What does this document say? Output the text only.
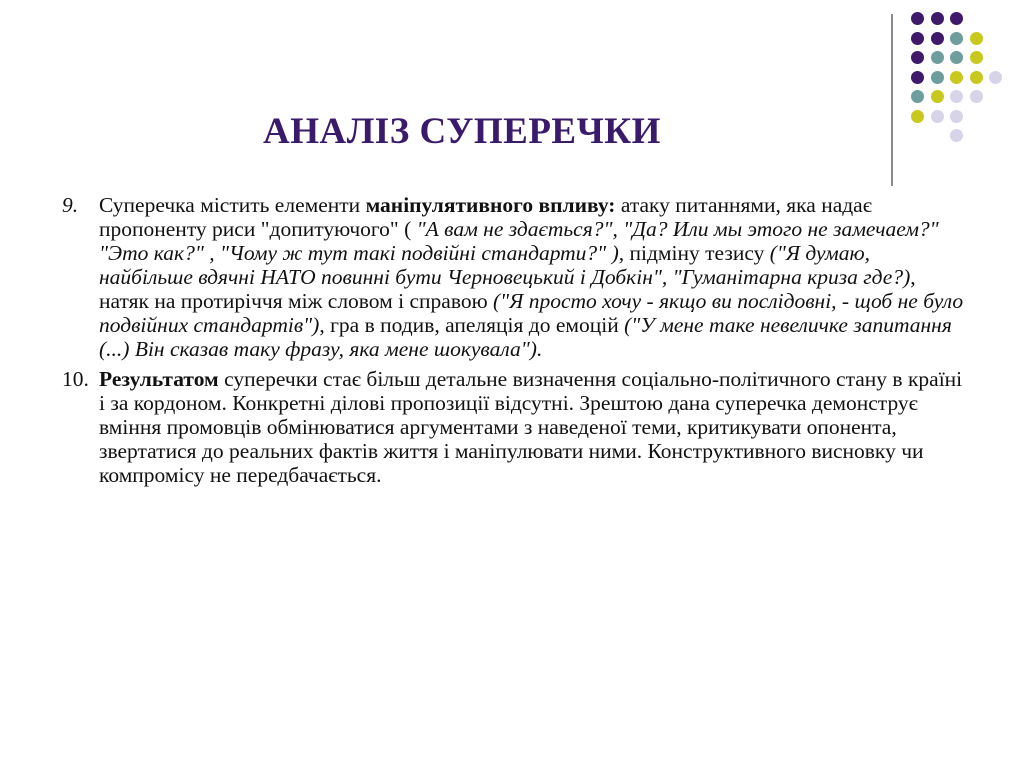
АНАЛІЗ СУПЕРЕЧКИ
9. Суперечка містить елементи маніпулятивного впливу: атаку питаннями, яка надає пропоненту риси "допитуючого" ( "А вам не здається?", "Да? Или мы этого не замечаем?" "Это как?" , "Чому ж тут такі подвійні стандарти?" ), підміну тезису ("Я думаю, найбільше вдячні НАТО повинні бути Черновецький і Добкін", "Гуманітарна криза где?), натяк на протиріччя між словом і справою ("Я просто хочу - якщо ви послідовні, - щоб не було подвійних стандартів"), гра в подив, апеляція до емоцій ("У мене таке невеличке запитання (...) Він сказав таку фразу, яка мене шокувала").
10. Результатом суперечки стає більш детальне визначення соціально-політичного стану в країні і за кордоном. Конкретні ділові пропозиції відсутні. Зрештою дана суперечка демонструє вміння промовців обмінюватися аргументами з наведеної теми, критикувати опонента, звертатися до реальних фактів життя і маніпулювати ними. Конструктивного висновку чи компромісу не передбачається.
